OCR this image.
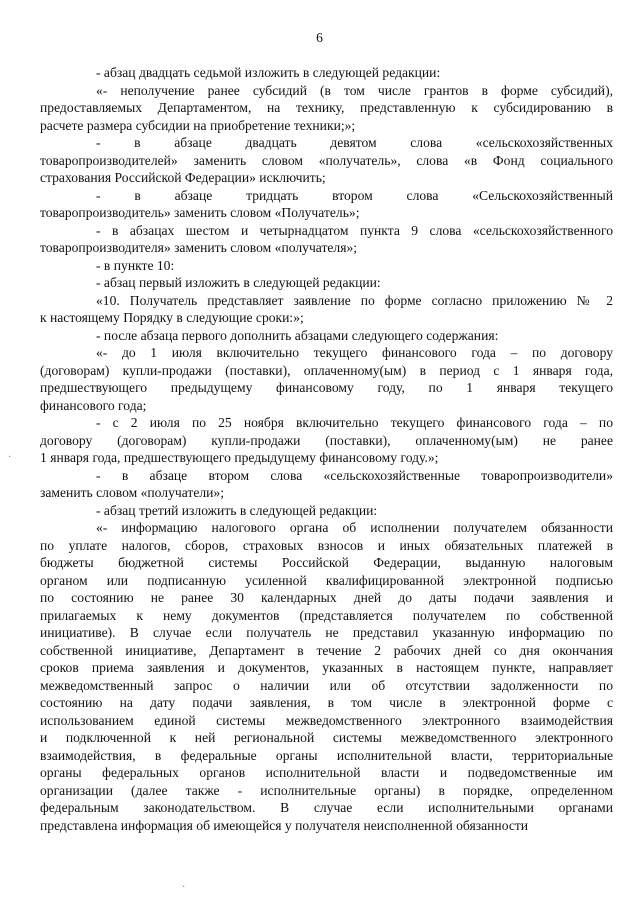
6
- абзац двадцать седьмой изложить в следующей редакции:
«- неполучение ранее субсидий (в том числе грантов в форме субсидий),
предоставляемых Департаментом, на технику, представленную к субсидированию в
расчете размера субсидии на приобретение техники;»;
- в абзаце двадцать девятом слова «сельскохозяйственных
товаропроизводителей» заменить словом «получатель», слова «в Фонд социального
страхования Российской Федерации» исключить;
- в абзаце тридцать втором слова «Сельскохозяйственный
товаропроизводитель» заменить словом «Получатель»;
- в абзацах шестом и четырнадцатом пункта 9 слова «сельскохозяйственного
товаропроизводителя» заменить словом «получателя»;
- в пункте 10:
- абзац первый изложить в следующей редакции:
«10. Получатель представляет заявление по форме согласно приложению № 2
к настоящему Порядку в следующие сроки:»;
- после абзаца первого дополнить абзацами следующего содержания:
«- до 1 июля включительно текущего финансового года – по договору
(договорам) купли-продажи (поставки), оплаченному(ым) в период с 1 января года,
предшествующего предыдущему финансовому году, по 1 января текущего
финансового года;
- с 2 июля по 25 ноября включительно текущего финансового года – по
договору (договорам) купли-продажи (поставки), оплаченному(ым) не ранее
1 января года, предшествующего предыдущему финансовому году.»;
- в абзаце втором слова «сельскохозяйственные товаропроизводители»
заменить словом «получатели»;
- абзац третий изложить в следующей редакции:
«- информацию налогового органа об исполнении получателем обязанности
по уплате налогов, сборов, страховых взносов и иных обязательных платежей в
бюджеты бюджетной системы Российской Федерации, выданную налоговым
органом или подписанную усиленной квалифицированной электронной подписью
по состоянию не ранее 30 календарных дней до даты подачи заявления и
прилагаемых к нему документов (представляется получателем по собственной
инициативе). В случае если получатель не представил указанную информацию по
собственной инициативе, Департамент в течение 2 рабочих дней со дня окончания
сроков приема заявления и документов, указанных в настоящем пункте, направляет
межведомственный запрос о наличии или об отсутствии задолженности по
состоянию на дату подачи заявления, в том числе в электронной форме с
использованием единой системы межведомственного электронного взаимодействия
и подключенной к ней региональной системы межведомственного электронного
взаимодействия, в федеральные органы исполнительной власти, территориальные
органы федеральных органов исполнительной власти и подведомственные им
организации (далее также - исполнительные органы) в порядке, определенном
федеральным законодательством. В случае если исполнительными органами
представлена информация об имеющейся у получателя неисполненной обязанности
·
·
